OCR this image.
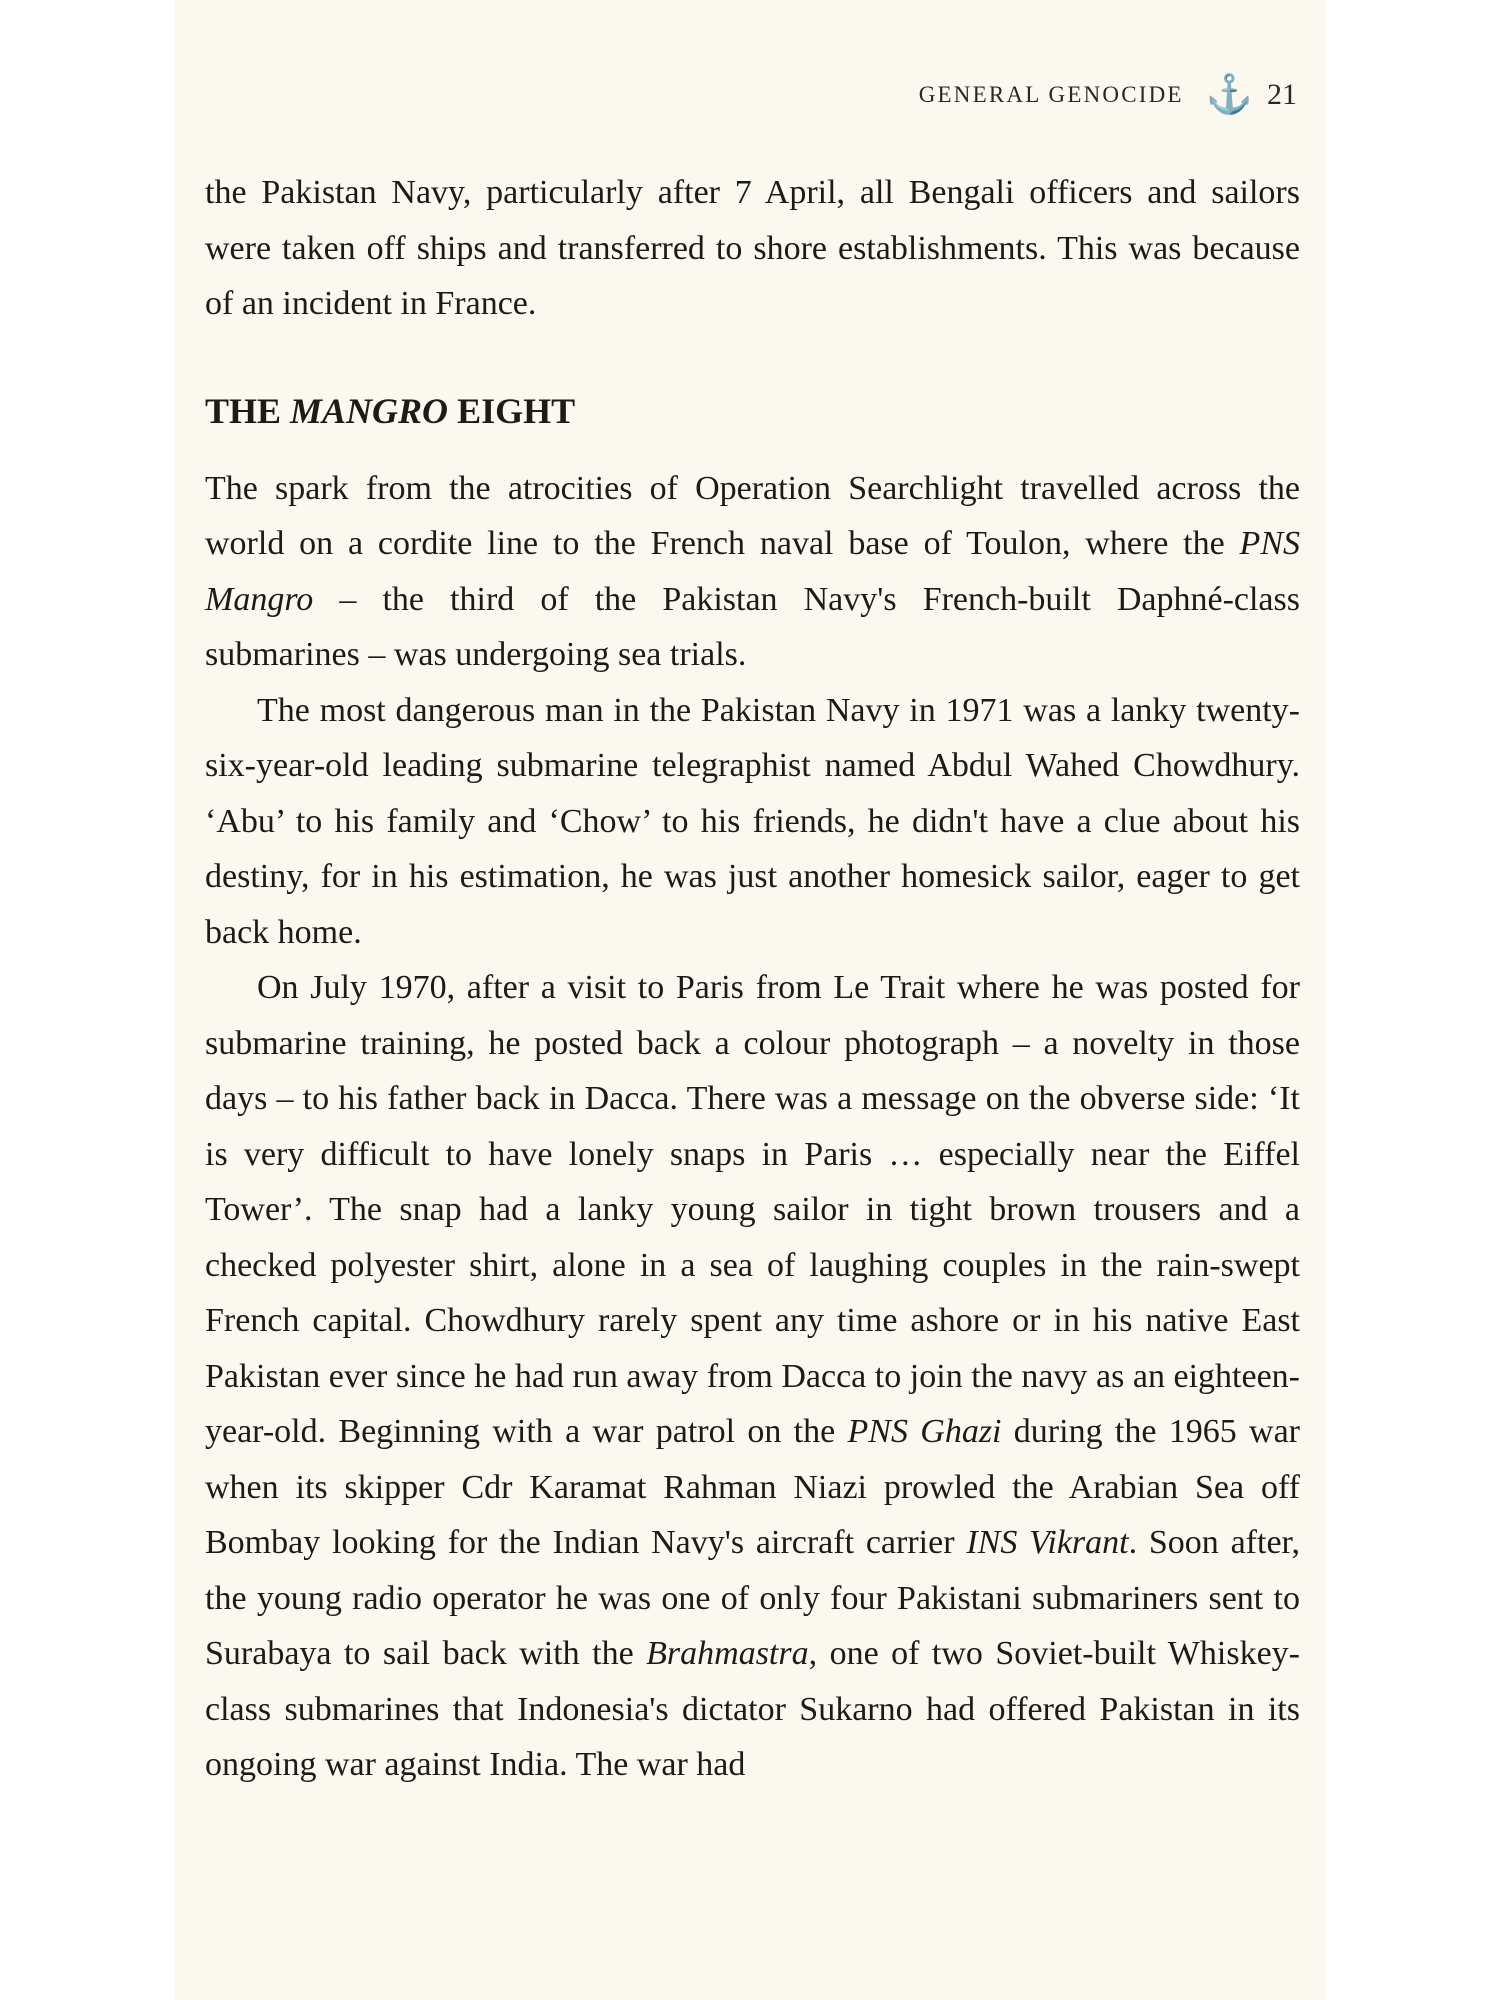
GENERAL GENOCIDE ⚓ 21

the Pakistan Navy, particularly after 7 April, all Bengali officers and sailors were taken off ships and transferred to shore establishments. This was because of an incident in France.

THE MANGRO EIGHT

The spark from the atrocities of Operation Searchlight travelled across the world on a cordite line to the French naval base of Toulon, where the PNS Mangro – the third of the Pakistan Navy's French-built Daphné-class submarines – was undergoing sea trials.

The most dangerous man in the Pakistan Navy in 1971 was a lanky twenty-six-year-old leading submarine telegraphist named Abdul Wahed Chowdhury. ‘Abu’ to his family and ‘Chow’ to his friends, he didn't have a clue about his destiny, for in his estimation, he was just another homesick sailor, eager to get back home.

On July 1970, after a visit to Paris from Le Trait where he was posted for submarine training, he posted back a colour photograph – a novelty in those days – to his father back in Dacca. There was a message on the obverse side: ‘It is very difficult to have lonely snaps in Paris … especially near the Eiffel Tower’. The snap had a lanky young sailor in tight brown trousers and a checked polyester shirt, alone in a sea of laughing couples in the rain-swept French capital. Chowdhury rarely spent any time ashore or in his native East Pakistan ever since he had run away from Dacca to join the navy as an eighteen-year-old. Beginning with a war patrol on the PNS Ghazi during the 1965 war when its skipper Cdr Karamat Rahman Niazi prowled the Arabian Sea off Bombay looking for the Indian Navy's aircraft carrier INS Vikrant. Soon after, the young radio operator he was one of only four Pakistani submariners sent to Surabaya to sail back with the Brahmastra, one of two Soviet-built Whiskey-class submarines that Indonesia's dictator Sukarno had offered Pakistan in its ongoing war against India. The war had
